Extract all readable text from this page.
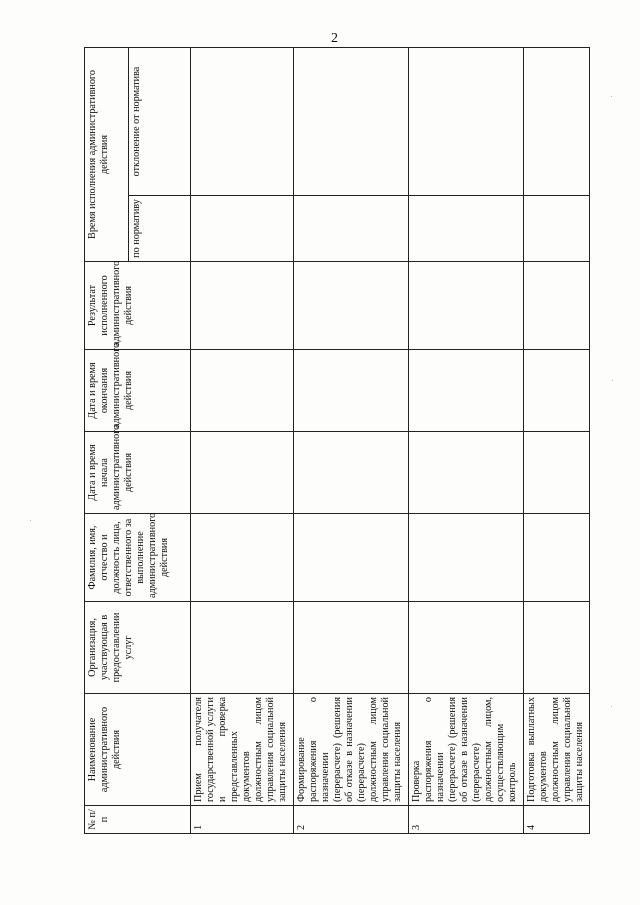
2
№ п/п	Наименование административного действия	Организация, участвующая в предоставлении услуг	Фамилия, имя, отчество и должность лица, ответственного за выполнение административного действия	Дата и время начала административного действия	Дата и время окончания административного действия	Результат исполненного административного действия	Время исполнения административного действия	
							по нормативу	отклонение от норматива
1	Прием получателя государственной услуги и проверка представленных документов должностным лицом управления социальной защиты населения							
2	Формирование распоряжения о назначении (перерасчете) (решения об отказе в назначении (перерасчете) должностным лицом управления социальной защиты населения							
3	Проверка распоряжения о назначении (перерасчете) (решения об отказе в назначении (перерасчете) должностным лицом, осуществляющим контроль							
4	Подготовка выплатных документов должностным лицом управления социальной защиты населения							
